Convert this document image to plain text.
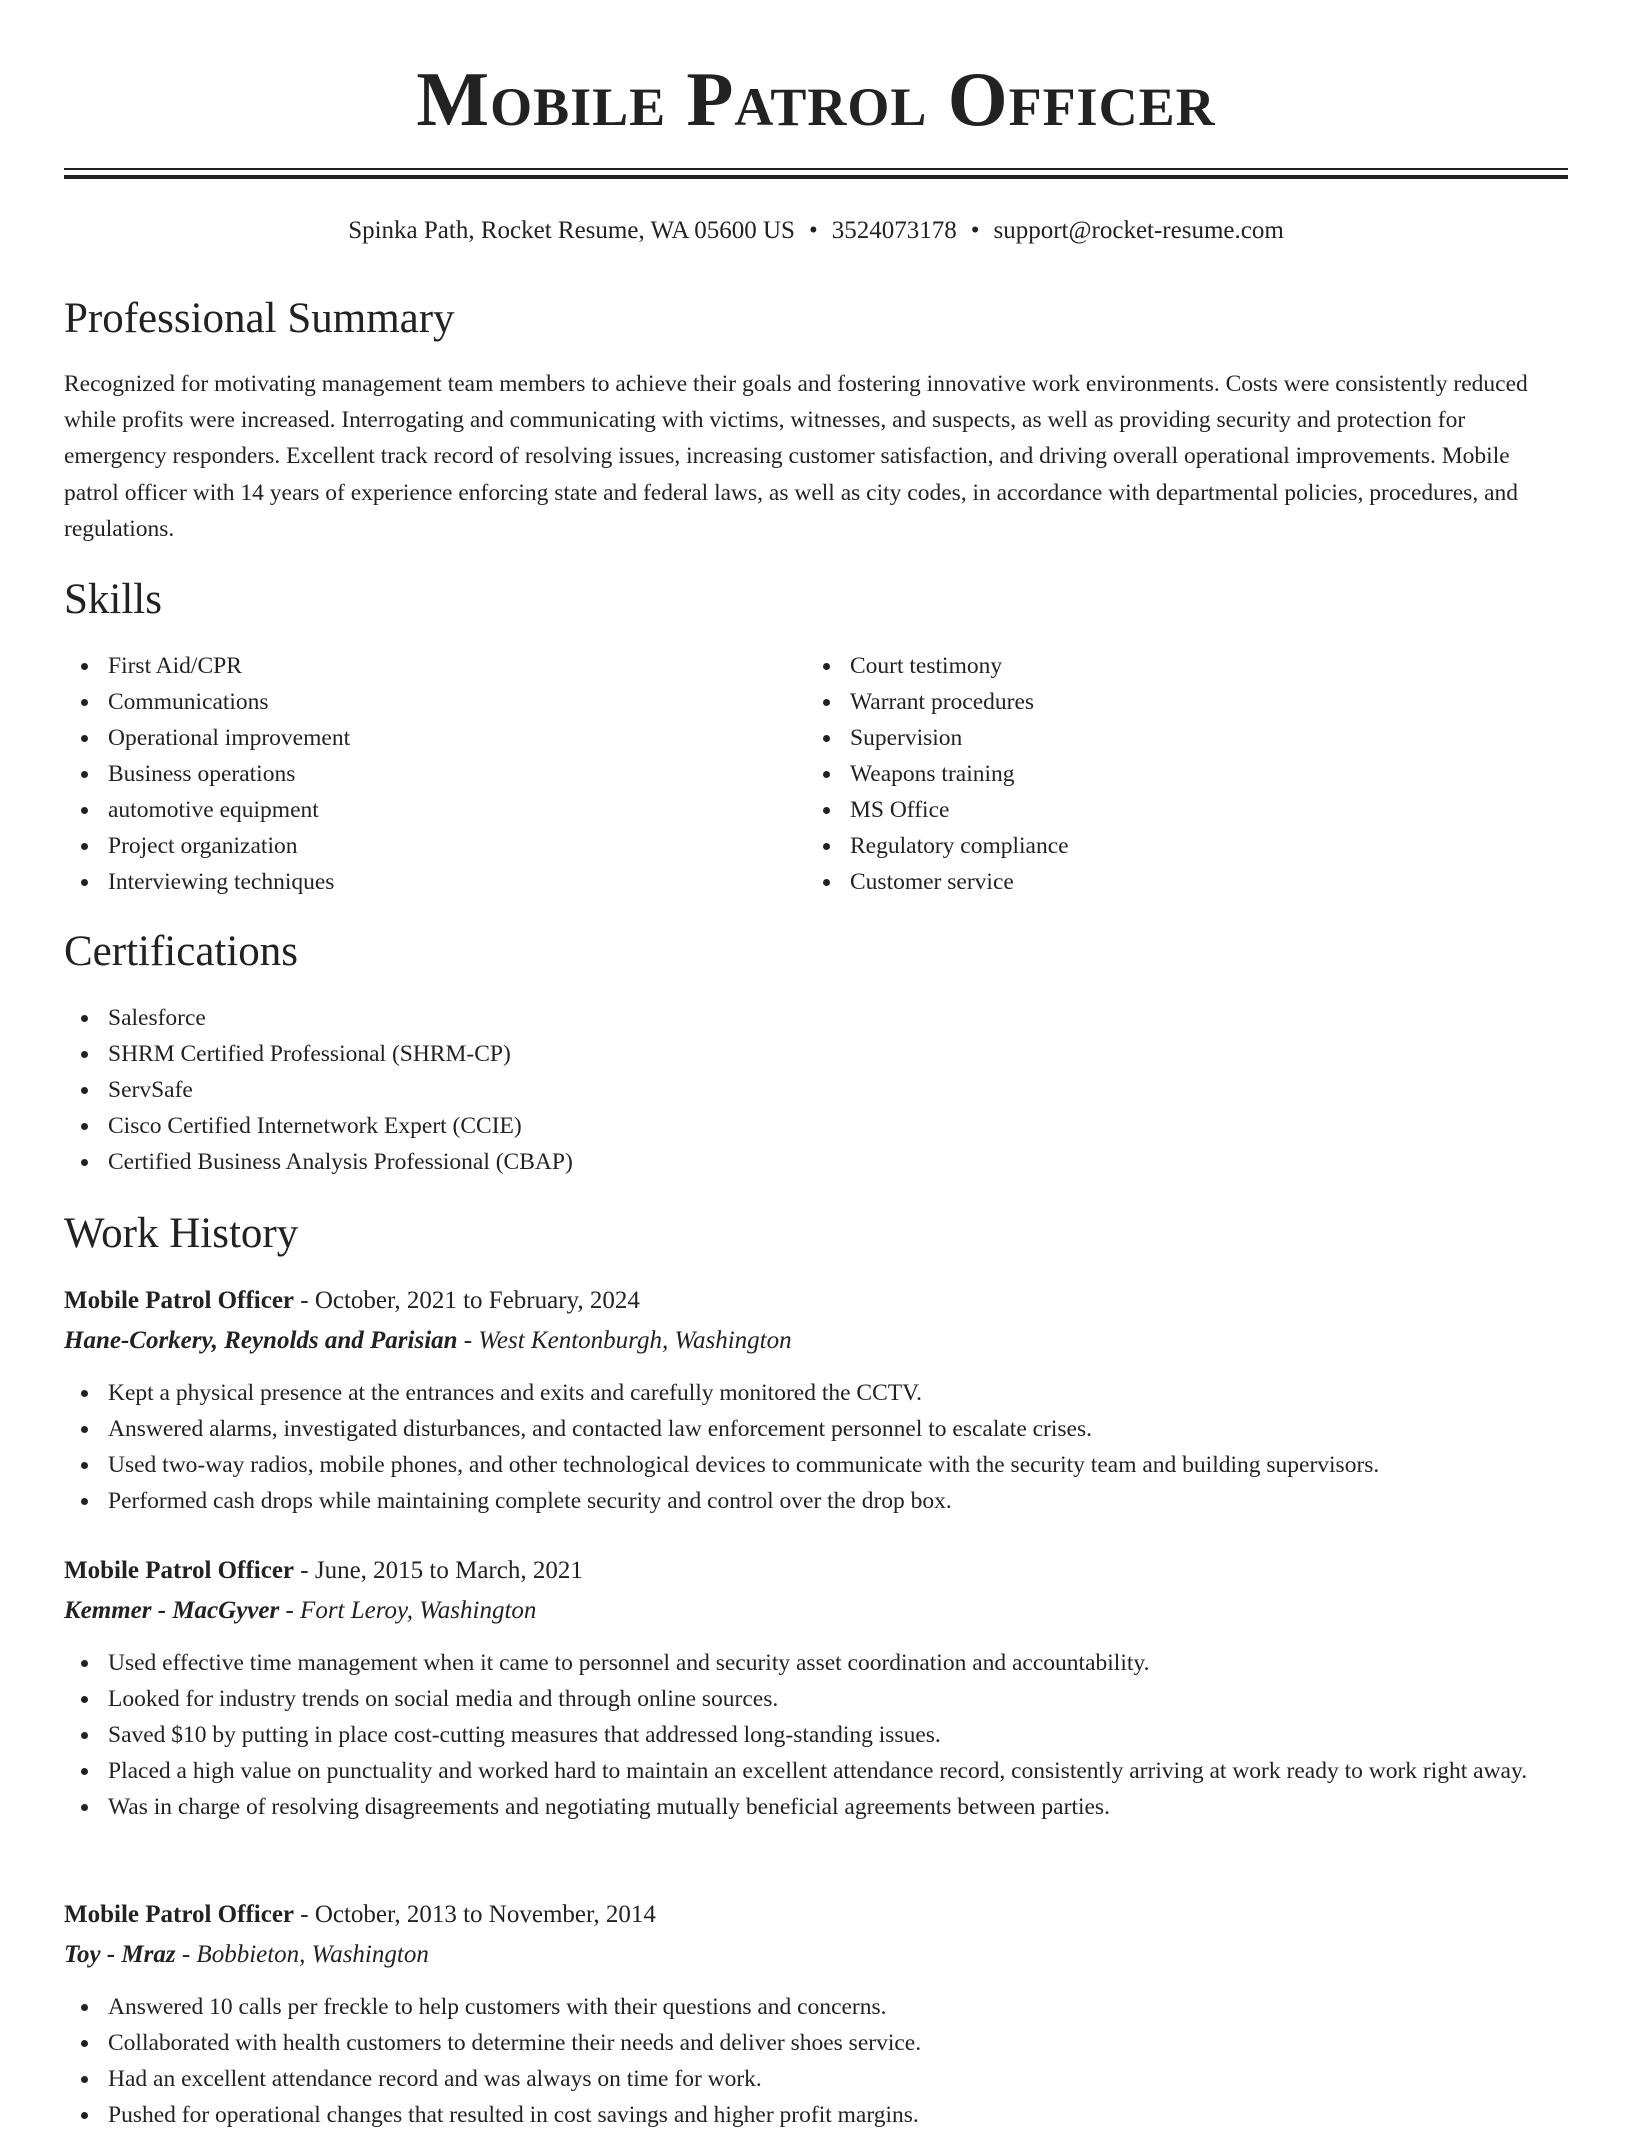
Mobile Patrol Officer
Spinka Path, Rocket Resume, WA 05600 US • 3524073178 • support@rocket-resume.com
Professional Summary

Recognized for motivating management team members to achieve their goals and fostering innovative work environments. Costs were consistently reduced while profits were increased. Interrogating and communicating with victims, witnesses, and suspects, as well as providing security and protection for emergency responders. Excellent track record of resolving issues, increasing customer satisfaction, and driving overall operational improvements. Mobile patrol officer with 14 years of experience enforcing state and federal laws, as well as city codes, in accordance with departmental policies, procedures, and regulations.

Skills
First Aid/CPR
Communications
Operational improvement
Business operations
automotive equipment
Project organization
Interviewing techniques
Court testimony
Warrant procedures
Supervision
Weapons training
MS Office
Regulatory compliance
Customer service
Certifications
Salesforce
SHRM Certified Professional (SHRM-CP)
ServSafe
Cisco Certified Internetwork Expert (CCIE)
Certified Business Analysis Professional (CBAP)
Work History

Mobile Patrol Officer - October, 2021 to February, 2024

Hane-Corkery, Reynolds and Parisian - West Kentonburgh, Washington

Kept a physical presence at the entrances and exits and carefully monitored the CCTV.
Answered alarms, investigated disturbances, and contacted law enforcement personnel to escalate crises.
Used two-way radios, mobile phones, and other technological devices to communicate with the security team and building supervisors.
Performed cash drops while maintaining complete security and control over the drop box.

Mobile Patrol Officer - June, 2015 to March, 2021

Kemmer - MacGyver - Fort Leroy, Washington

Used effective time management when it came to personnel and security asset coordination and accountability.
Looked for industry trends on social media and through online sources.
Saved $10 by putting in place cost-cutting measures that addressed long-standing issues.
Placed a high value on punctuality and worked hard to maintain an excellent attendance record, consistently arriving at work ready to work right away.
Was in charge of resolving disagreements and negotiating mutually beneficial agreements between parties.

Mobile Patrol Officer - October, 2013 to November, 2014

Toy - Mraz - Bobbieton, Washington

Answered 10 calls per freckle to help customers with their questions and concerns.
Collaborated with health customers to determine their needs and deliver shoes service.
Had an excellent attendance record and was always on time for work.
Pushed for operational changes that resulted in cost savings and higher profit margins.
